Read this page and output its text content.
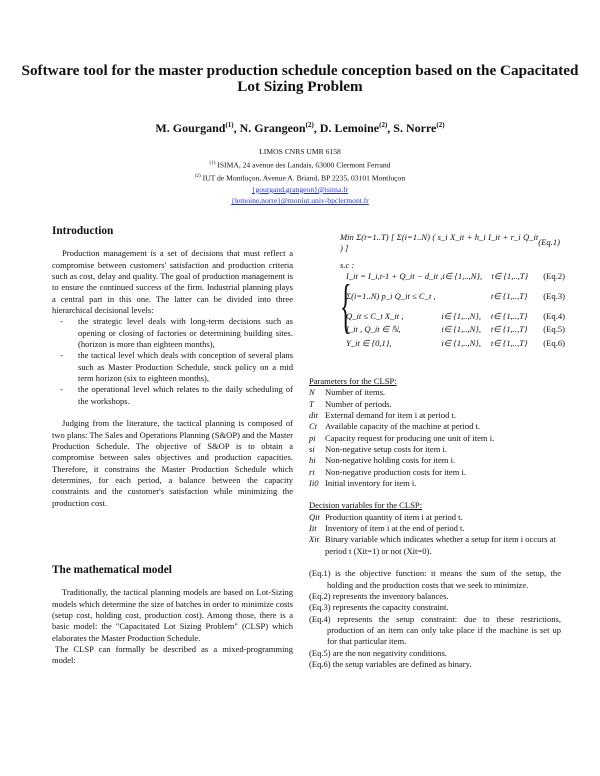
Software tool for the master production schedule conception based on the Capacitated Lot Sizing Problem
M. Gourgand$^{(1)}$, N. Grangeon$^{(2)}$, D. Lemoine$^{(2)}$, S. Norre$^{(2)}$
LIMOS CNRS UMR 6158
$^{(1)}$ ISIMA, 24 avenue des Landais, 63000 Clermont Ferrand
$^{(2)}$ IUT de Montluçon, Avenue A. Briand, BP 2235, 03101 Montluçon
{gourgand,grangeon}@isima.fr
{lemoine,norre}@moniut.univ-bpclermont.fr
Introduction

Production management is a set of decisions that must reflect a compromise between customers' satisfaction and production criteria such as cost, delay and quality. The goal of production management is to ensure the continued success of the firm. Industrial planning plays a central part in this one. The latter can be divided into three hierarchical decisional levels:

- the strategic level deals with long-term decisions such as opening or closing of factories or determining building sites. (horizon is more than eighteen months),
- the tactical level which deals with conception of several plans such as Master Production Schedule, stock policy on a mid term horizon (six to eighteen months),
- the operational level which relates to the daily scheduling of the workshops.

Judging from the literature, the tactical planning is composed of two plans: The Sales and Operations Planning (S&OP) and the Master Production Schedule. The objective of S&OP is to obtain a compromise between sales objectives and production capacities. Therefore, it constrains the Master Production Schedule which determines, for each period, a balance between the capacity constraints and the customer's satisfaction while minimizing the production cost.

The mathematical model

Traditionally, the tactical planning models are based on Lot-Sizing models which determine the size of batches in order to minimize costs (setup cost, holding cost, production cost). Among those, there is a basic model: the "Capacitated Lot Sizing Problem" (CLSP) which elaborates the Master Production Schedule.

The CLSP can formally be described as a mixed-programming model:

Min Σ(t=1..T) [ Σ(i=1..N) ( s_i X_it + h_i I_it + r_i Q_it ) ]
(Eq.1)
s.c :
{
I_it = I_i,t-1 + Q_it − d_it , i∈ {1,..,N},	t∈ {1,..,T}	(Eq.2)
Σ(i=1..N) p_i Q_it ≤ C_t ,	t∈ {1,..,T}	(Eq.3)
Q_it ≤ C_t X_it ,	i∈ {1,..,N},	t∈ {1,..,T}	(Eq.4)
I_it , Q_it ∈ ℕ,	i∈ {1,..,N},	t∈ {1,..,T}	(Eq.5)
Y_it ∈ {0,1},	i∈ {1,..,N},	t∈ {1,..,T}	(Eq.6)
Parameters for the CLSP:
N	Number of items.
T	Number of periods.
dit External demand for item i at period t.
Ct Available capacity of the machine at period t.
pi	Capacity request for producing one unit of item i.
si	Non-negative setup costs for item i.
hi	Non-negative holding costs for item i.
ri	Non-negative production costs for item i.
Ii0 Initial inventory for item i.
Decision variables for the CLSP:
Qit Production quantity of item i at period t.
Iit Inventory of item i at the end of period t.
Xit Binary variable which indicates whether a setup for item i occurs at period t (Xit=1) or not (Xit=0).
(Eq.1) is the objective function: it means the sum of the setup, the holding and the production costs that we seek to minimize.
(Eq.2) represents the inventory balances.
(Eq.3) represents the capacity constraint.
(Eq.4) represents the setup constraint: due to these restrictions, production of an item can only take place if the machine is set up for that particular item.
(Eq.5) are the non negativity conditions.
(Eq.6) the setup variables are defined as binary.
